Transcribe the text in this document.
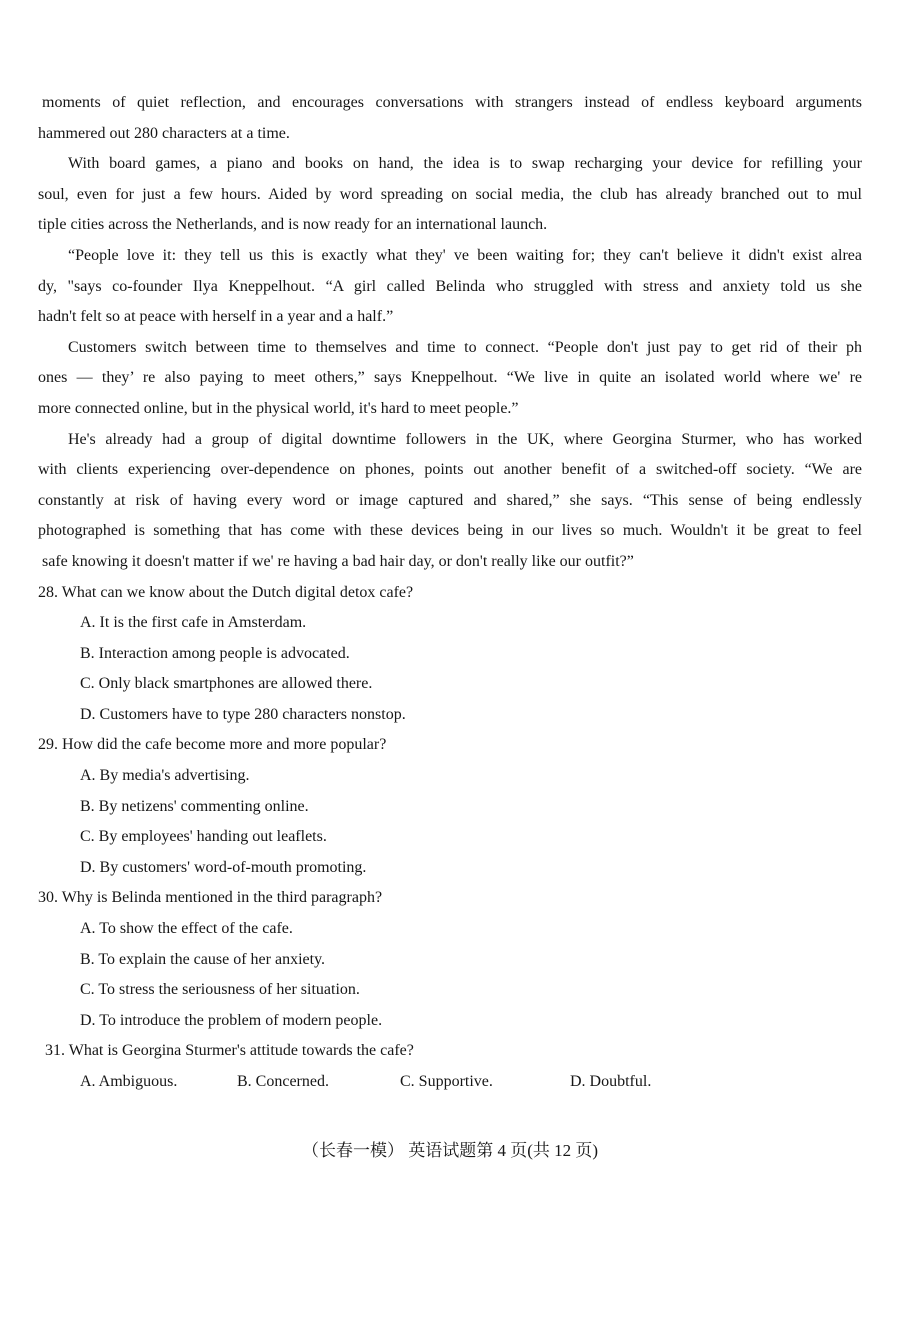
moments of quiet reflection, and encourages conversations with strangers instead of endless keyboard arguments
hammered out 280 characters at a time.
With board games, a piano and books on hand, the idea is to swap recharging your device for refilling your
soul, even for just a few hours. Aided by word spreading on social media, the club has already branched out to mul
tiple cities across the Netherlands, and is now ready for an international launch.
“People love it: they tell us this is exactly what they' ve been waiting for; they can't believe it didn't exist alrea
dy, "says co-founder Ilya Kneppelhout. “A girl called Belinda who struggled with stress and anxiety told us she
hadn't felt so at peace with herself in a year and a half.”
Customers switch between time to themselves and time to connect. “People don't just pay to get rid of their ph
ones — they’ re also paying to meet others,” says Kneppelhout. “We live in quite an isolated world where we' re
more connected online, but in the physical world, it's hard to meet people.”
He's already had a group of digital downtime followers in the UK, where Georgina Sturmer, who has worked
with clients experiencing over-dependence on phones, points out another benefit of a switched-off society. “We are
constantly at risk of having every word or image captured and shared,” she says. “This sense of being endlessly
photographed is something that has come with these devices being in our lives so much. Wouldn't it be great to feel
safe knowing it doesn't matter if we' re having a bad hair day, or don't really like our outfit?”
28. What can we know about the Dutch digital detox cafe?
A. It is the first cafe in Amsterdam.
B. Interaction among people is advocated.
C. Only black smartphones are allowed there.
D. Customers have to type 280 characters nonstop.
29. How did the cafe become more and more popular?
A. By media's advertising.
B. By netizens' commenting online.
C. By employees' handing out leaflets.
D. By customers' word-of-mouth promoting.
30. Why is Belinda mentioned in the third paragraph?
A. To show the effect of the cafe.
B. To explain the cause of her anxiety.
C. To stress the seriousness of her situation.
D. To introduce the problem of modern people.
31. What is Georgina Sturmer's attitude towards the cafe?
A. Ambiguous.	B. Concerned.	C. Supportive.	D. Doubtful.
（长春一模） 英语试题第 4 页(共 12 页)
